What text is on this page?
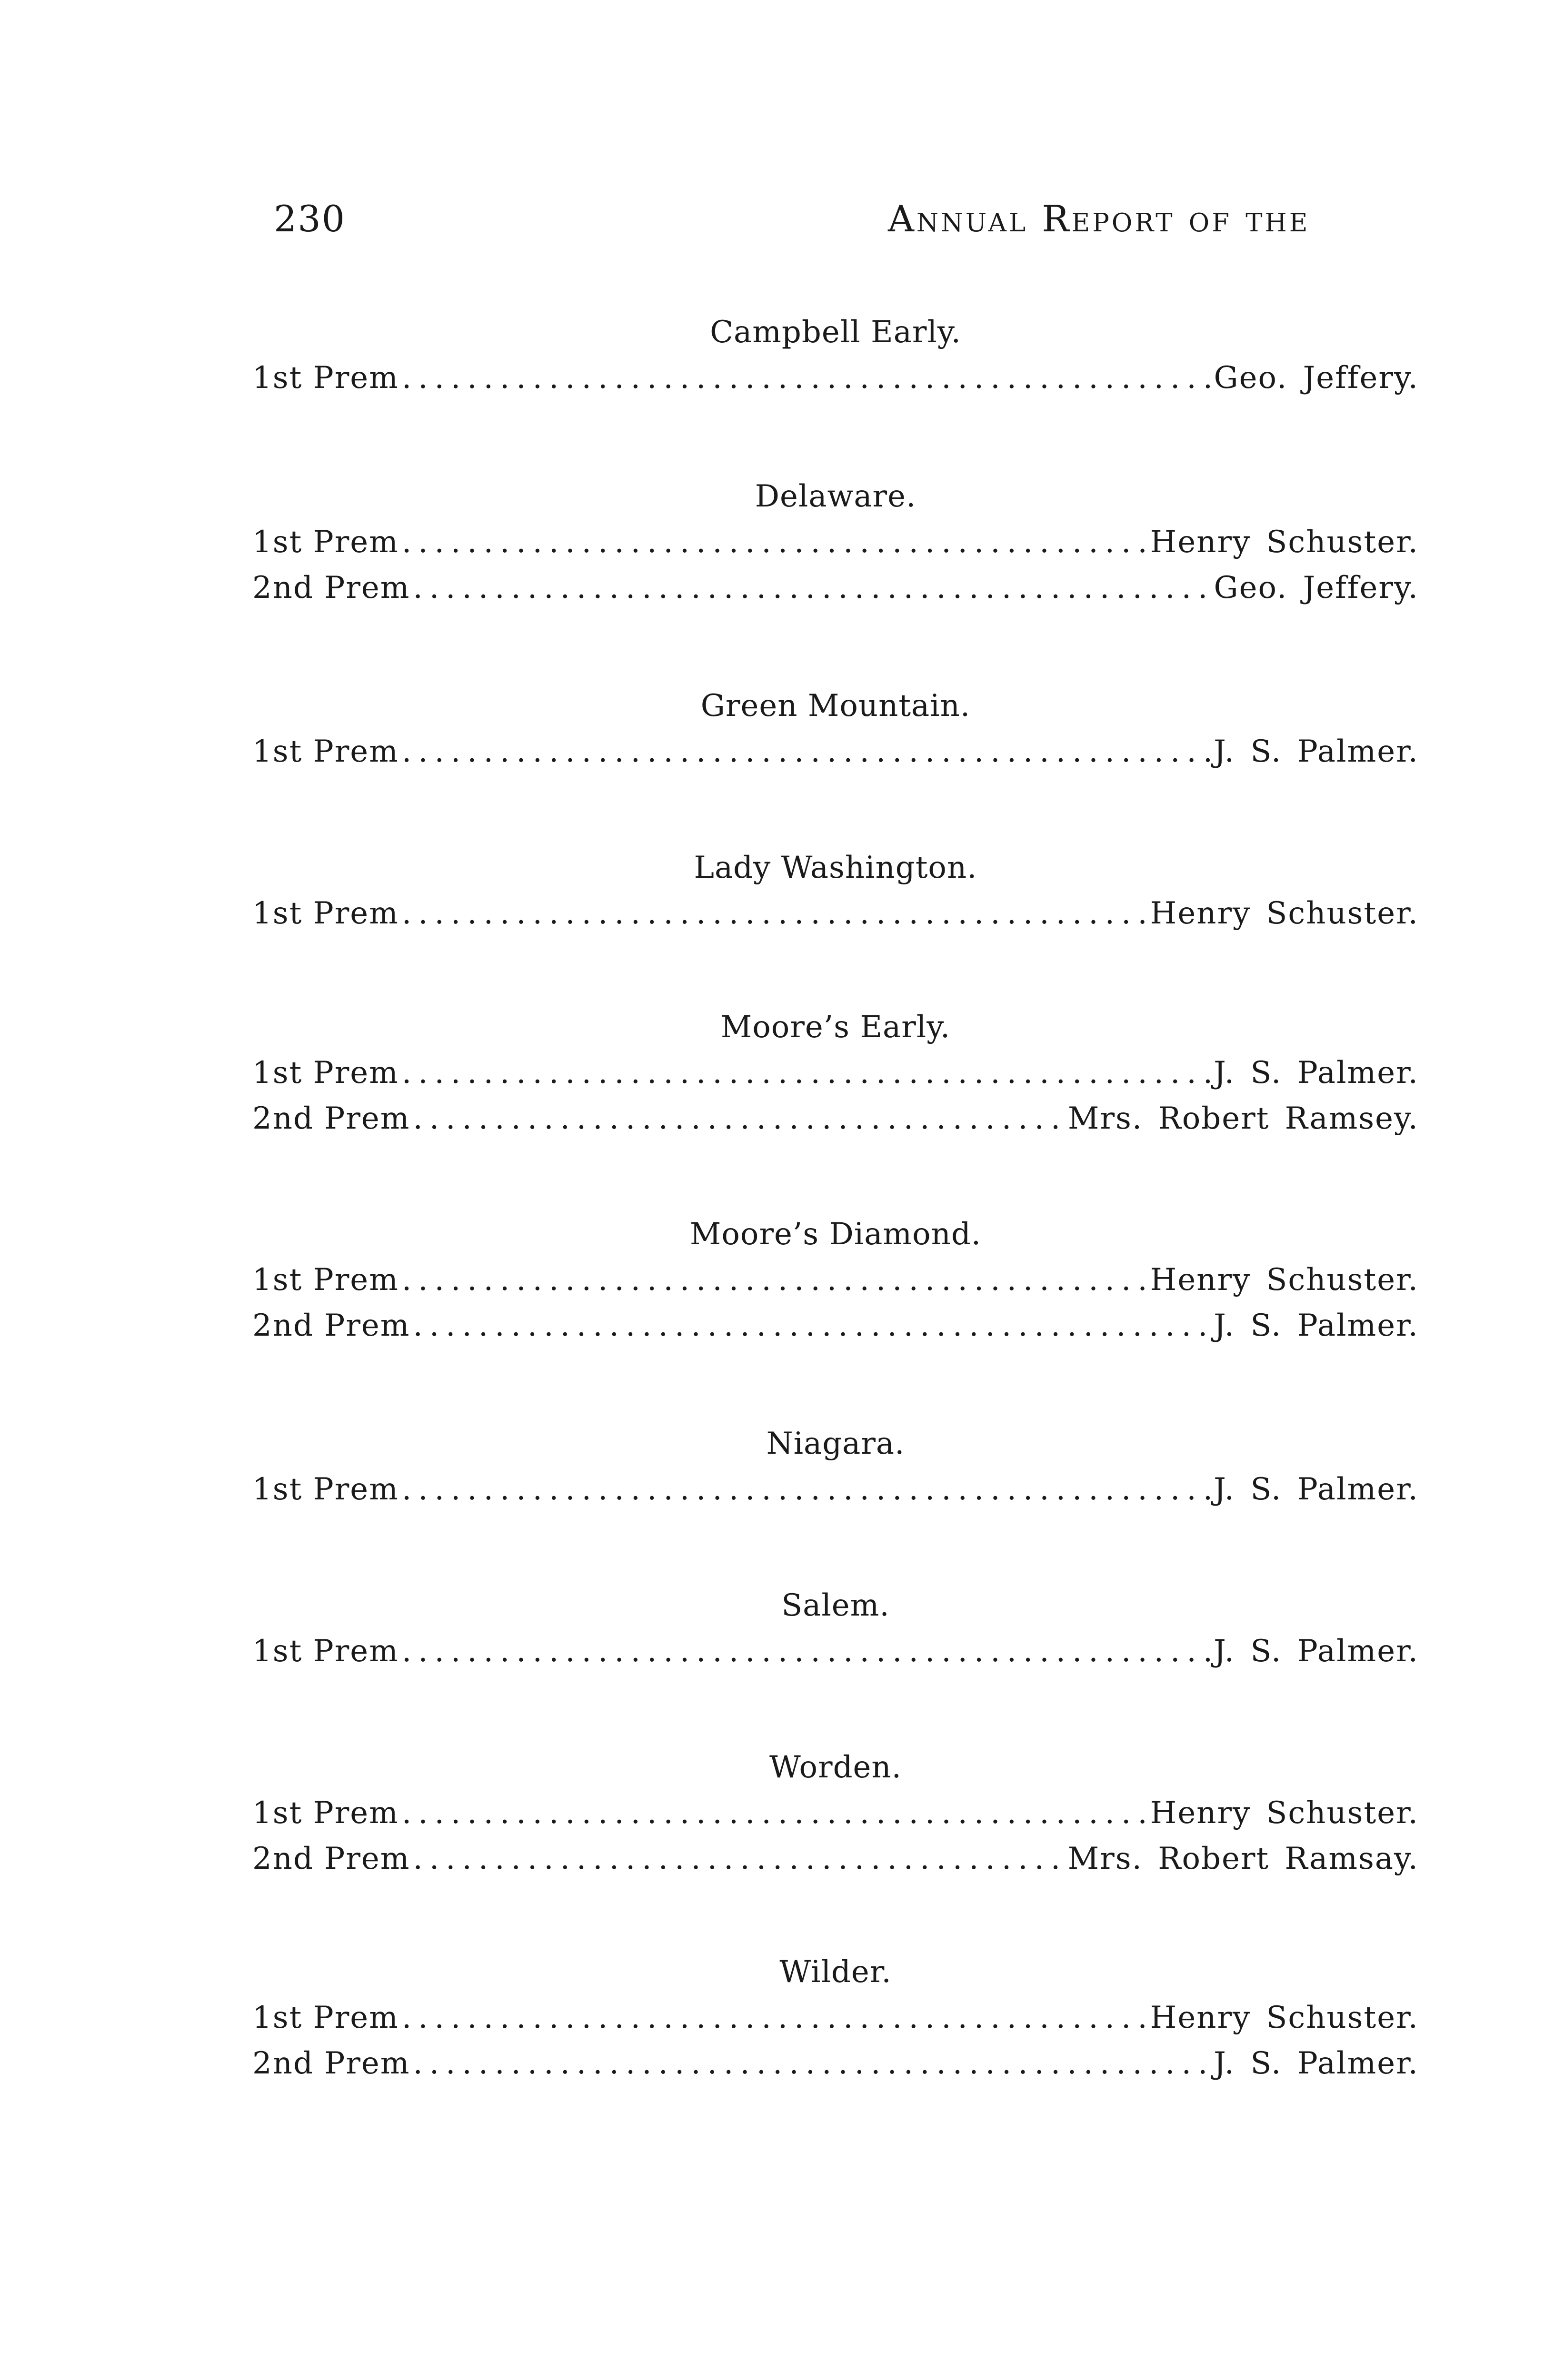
230	Annual Report of the
Campbell Early.
1st Prem .....	Geo. Jeffery.
Delaware.
1st Prem .....	Henry Schuster.
2nd Prem .....	Geo. Jeffery.
Green Mountain.
1st Prem .....	J. S. Palmer.
Lady Washington.
1st Prem .....	Henry Schuster.
Moore’s Early.
1st Prem .....	J. S. Palmer.
2nd Prem .....	Mrs. Robert Ramsey.
Moore’s Diamond.
1st Prem .....	Henry Schuster.
2nd Prem .....	J. S. Palmer.
Niagara.
1st Prem .....	J. S. Palmer.
Salem.
1st Prem .....	J. S. Palmer.
Worden.
1st Prem .....	Henry Schuster.
2nd Prem .....	Mrs. Robert Ramsay.
Wilder.
1st Prem .....	Henry Schuster.
2nd Prem .....	J. S. Palmer.
